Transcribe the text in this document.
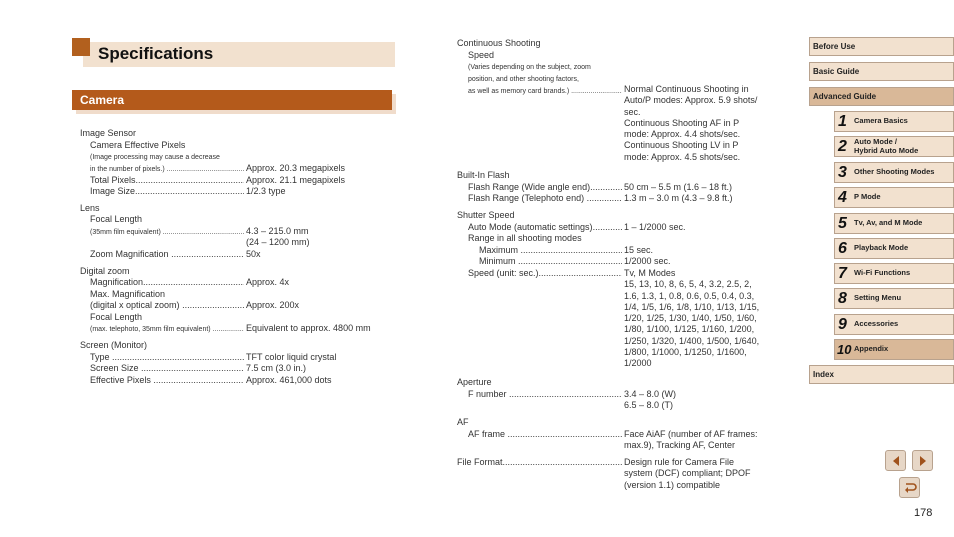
Specifications
Camera
Image Sensor
Camera Effective Pixels
(Image processing may cause a decrease
in the number of pixels.) .....	Approx. 20.3 megapixels
Total Pixels .....	Approx. 21.1 megapixels
Image Size .....	1/2.3 type
Lens
Focal Length
(35mm film equivalent) .....	4.3 – 215.0 mm
(24 – 1200 mm)
Zoom Magnification .....	50x
Digital zoom
Magnification .....	Approx. 4x
Max. Magnification
(digital x optical zoom) .....	Approx. 200x
Focal Length
(max. telephoto, 35mm film equivalent) .....	Equivalent to approx. 4800 mm
Screen (Monitor)
Type .....	TFT color liquid crystal
Screen Size .....	7.5 cm (3.0 in.)
Effective Pixels .....	Approx. 461,000 dots
Continuous Shooting
Speed
(Varies depending on the subject, zoom
position, and other shooting factors,
as well as memory card brands.) .....	Normal Continuous Shooting in
Auto/P modes: Approx. 5.9 shots/
sec.
Continuous Shooting AF in P
mode: Approx. 4.4 shots/sec.
Continuous Shooting LV in P
mode: Approx. 4.5 shots/sec.
Built-In Flash
Flash Range (Wide angle end) .....	50 cm – 5.5 m (1.6 – 18 ft.)
Flash Range (Telephoto end) .....	1.3 m – 3.0 m (4.3 – 9.8 ft.)
Shutter Speed
Auto Mode (automatic settings) .....	1 – 1/2000 sec.
Range in all shooting modes
Maximum .....	15 sec.
Minimum .....	1/2000 sec.
Speed (unit: sec.) .....	Tv, M Modes
15, 13, 10, 8, 6, 5, 4, 3.2, 2.5, 2,
1.6, 1.3, 1, 0.8, 0.6, 0.5, 0.4, 0.3,
1/4, 1/5, 1/6, 1/8, 1/10, 1/13, 1/15,
1/20, 1/25, 1/30, 1/40, 1/50, 1/60,
1/80, 1/100, 1/125, 1/160, 1/200,
1/250, 1/320, 1/400, 1/500, 1/640,
1/800, 1/1000, 1/1250, 1/1600,
1/2000
Aperture
F number .....	3.4 – 8.0 (W)
6.5 – 8.0 (T)
AF
AF frame .....	Face AiAF (number of AF frames:
max.9), Tracking AF, Center
File Format .....	Design rule for Camera File
system (DCF) compliant; DPOF
(version 1.1) compatible
Before Use
Basic Guide
Advanced Guide
1 Camera Basics
2 Auto Mode /
Hybrid Auto Mode
3 Other Shooting Modes
4 P Mode
5 Tv, Av, and M Mode
6 Playback Mode
7 Wi-Fi Functions
8 Setting Menu
9 Accessories
10 Appendix
Index
178
